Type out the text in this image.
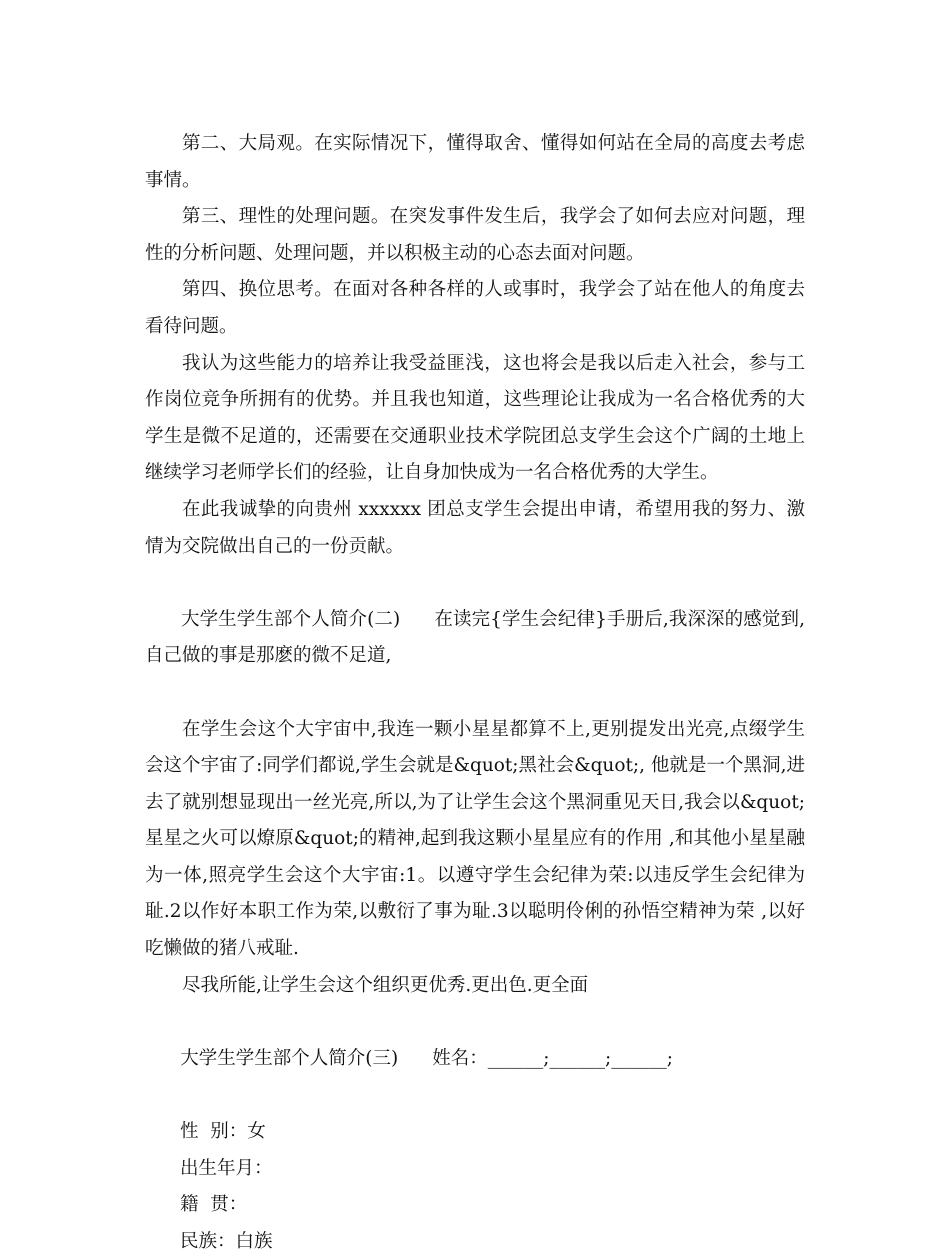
第二、大局观。在实际情况下，懂得取舍、懂得如何站在全局的高度去考虑事情。

第三、理性的处理问题。在突发事件发生后，我学会了如何去应对问题，理性的分析问题、处理问题，并以积极主动的心态去面对问题。

第四、换位思考。在面对各种各样的人或事时，我学会了站在他人的角度去看待问题。

我认为这些能力的培养让我受益匪浅，这也将会是我以后走入社会，参与工作岗位竞争所拥有的优势。并且我也知道，这些理论让我成为一名合格优秀的大学生是微不足道的，还需要在交通职业技术学院团总支学生会这个广阔的土地上继续学习老师学长们的经验，让自身加快成为一名合格优秀的大学生。

在此我诚挚的向贵州 xxxxxx 团总支学生会提出申请，希望用我的努力、激情为交院做出自己的一份贡献。

大学生学生部个人简介(二) 在读完{学生会纪律}手册后,我深深的感觉到,自己做的事是那麽的微不足道,

在学生会这个大宇宙中,我连一颗小星星都算不上,更别提发出光亮,点缀学生会这个宇宙了:同学们都说,学生会就是&quot;黑社会&quot;, 他就是一个黑洞,进去了就别想显现出一丝光亮,所以,为了让学生会这个黑洞重见天日,我会以&quot;星星之火可以燎原&quot;的精神,起到我这颗小星星应有的作用 ,和其他小星星融为一体,照亮学生会这个大宇宙:1。以遵守学生会纪律为荣:以违反学生会纪律为耻.2以作好本职工作为荣,以敷衍了事为耻.3以聪明伶俐的孙悟空精神为荣 ,以好吃懒做的猪八戒耻.

尽我所能,让学生会这个组织更优秀.更出色.更全面

大学生学生部个人简介(三) 姓名：______;______;______;

性  别：女

出生年月：

籍  贯：

民族：白族
